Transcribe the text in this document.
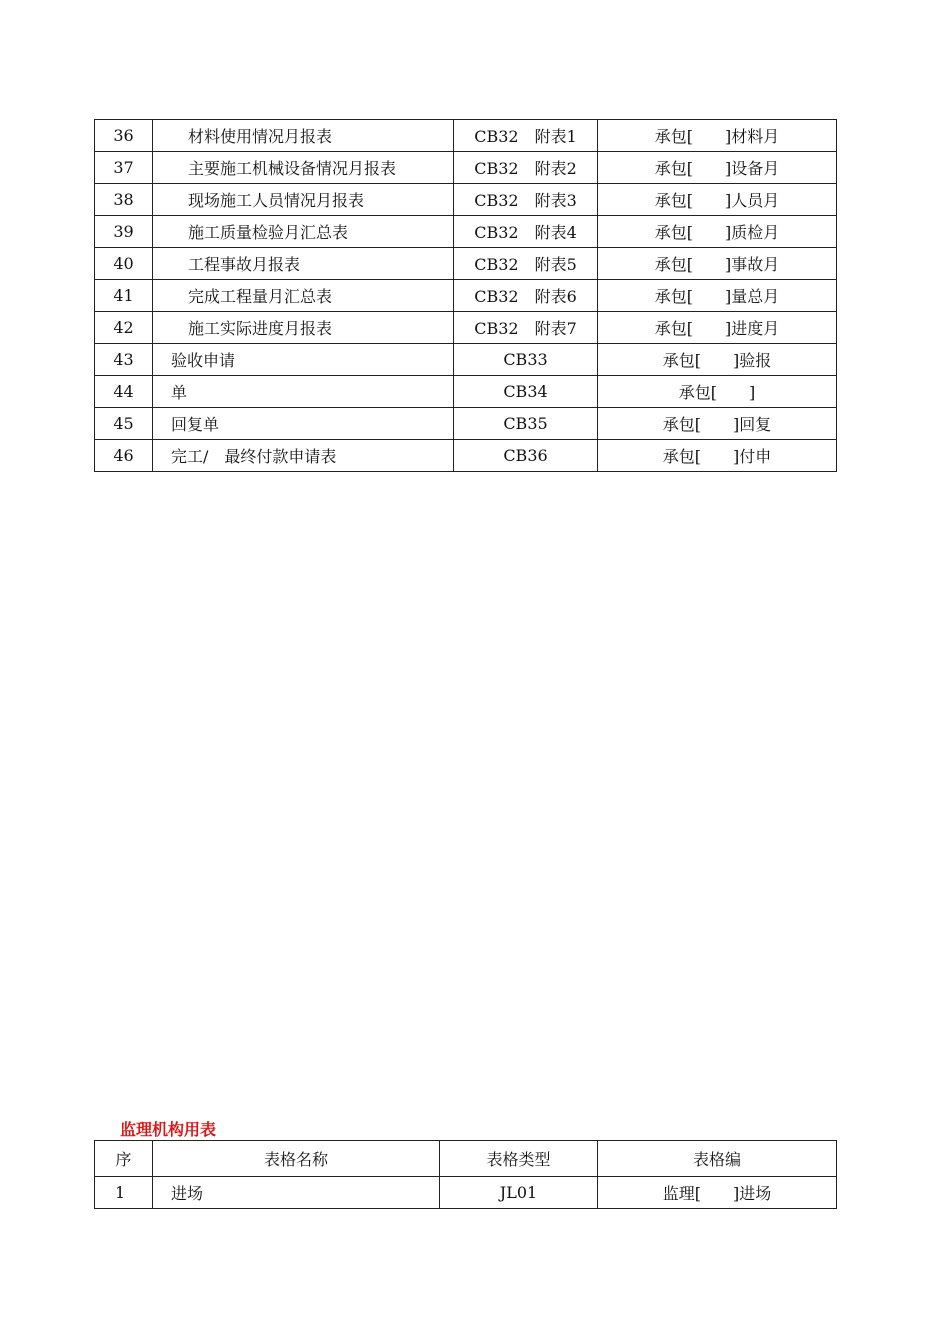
36	材料使用情况月报表	CB32　附表1	承包[　　]材料月
37	主要施工机械设备情况月报表	CB32　附表2	承包[　　]设备月
38	现场施工人员情况月报表	CB32　附表3	承包[　　]人员月
39	施工质量检验月汇总表	CB32　附表4	承包[　　]质检月
40	工程事故月报表	CB32　附表5	承包[　　]事故月
41	完成工程量月汇总表	CB32　附表6	承包[　　]量总月
42	施工实际进度月报表	CB32　附表7	承包[　　]进度月
43	验收申请	CB33	承包[　　]验报
44	单	CB34	承包[　　]
45	回复单	CB35	承包[　　]回复
46	完工/　最终付款申请表	CB36	承包[　　]付申
监理机构用表
序	表格名称	表格类型	表格编
1	进场	JL01	监理[　　]进场
